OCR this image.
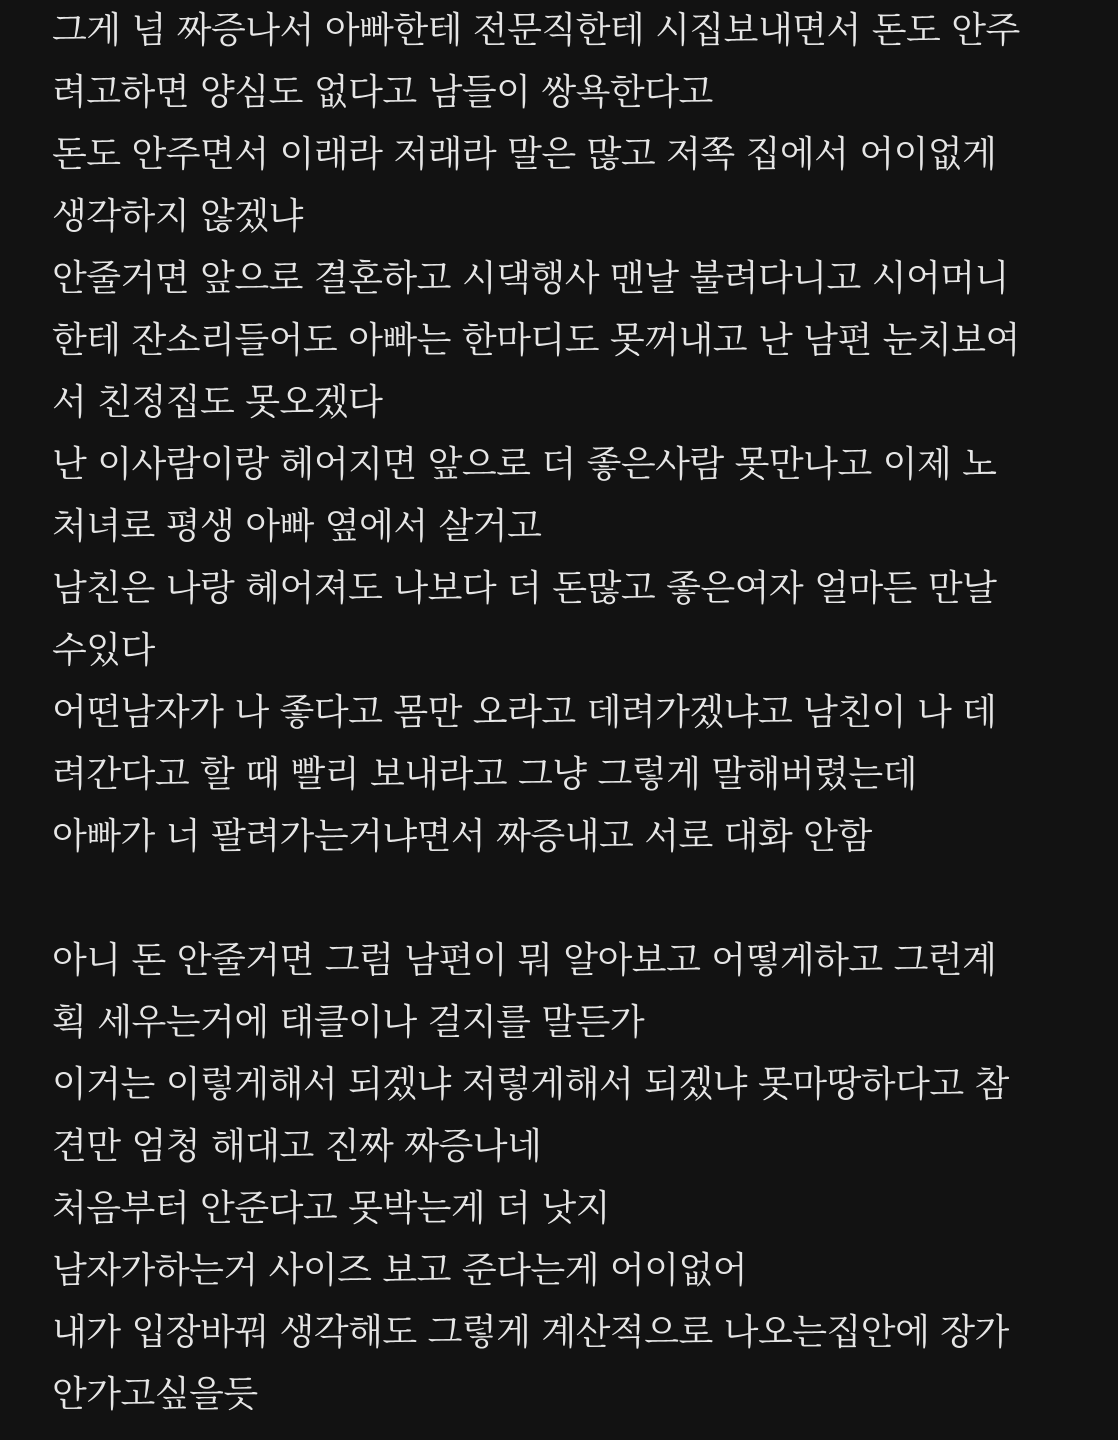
그게 넘 짜증나서 아빠한테 전문직한테 시집보내면서 돈도 안주
려고하면 양심도 없다고 남들이 쌍욕한다고
돈도 안주면서 이래라 저래라 말은 많고 저쪽 집에서 어이없게
생각하지 않겠냐
안줄거면 앞으로 결혼하고 시댁행사 맨날 불려다니고 시어머니
한테 잔소리들어도 아빠는 한마디도 못꺼내고 난 남편 눈치보여
서 친정집도 못오겠다
난 이사람이랑 헤어지면 앞으로 더 좋은사람 못만나고 이제 노
처녀로 평생 아빠 옆에서 살거고
남친은 나랑 헤어져도 나보다 더 돈많고 좋은여자 얼마든 만날
수있다
어떤남자가 나 좋다고 몸만 오라고 데려가겠냐고 남친이 나 데
려간다고 할 때 빨리 보내라고 그냥 그렇게 말해버렸는데
아빠가 너 팔려가는거냐면서 짜증내고 서로 대화 안함
아니 돈 안줄거면 그럼 남편이 뭐 알아보고 어떻게하고 그런계
획 세우는거에 태클이나 걸지를 말든가
이거는 이렇게해서 되겠냐 저렇게해서 되겠냐 못마땅하다고 참
견만 엄청 해대고 진짜 짜증나네
처음부터 안준다고 못박는게 더 낫지
남자가하는거 사이즈 보고 준다는게 어이없어
내가 입장바꿔 생각해도 그렇게 계산적으로 나오는집안에 장가
안가고싶을듯
